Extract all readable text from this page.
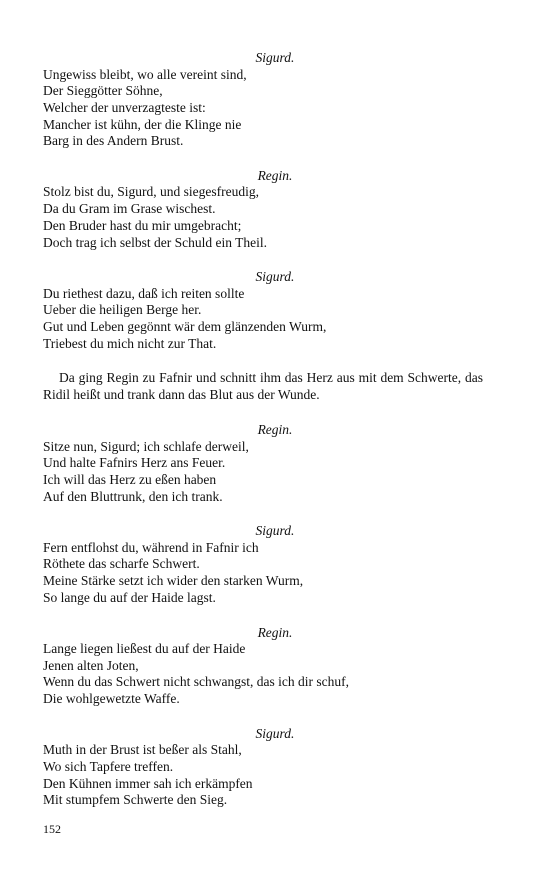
Sigurd.
Ungewiss bleibt, wo alle vereint sind,
Der Sieggötter Söhne,
Welcher der unverzagteste ist:
Mancher ist kühn, der die Klinge nie
Barg in des Andern Brust.
Regin.
Stolz bist du, Sigurd, und siegesfreudig,
Da du Gram im Grase wischest.
Den Bruder hast du mir umgebracht;
Doch trag ich selbst der Schuld ein Theil.
Sigurd.
Du riethest dazu, daß ich reiten sollte
Ueber die heiligen Berge her.
Gut und Leben gegönnt wär dem glänzenden Wurm,
Triebest du mich nicht zur That.
Da ging Regin zu Fafnir und schnitt ihm das Herz aus mit dem Schwerte, das Ridil heißt und trank dann das Blut aus der Wunde.
Regin.
Sitze nun, Sigurd; ich schlafe derweil,
Und halte Fafnirs Herz ans Feuer.
Ich will das Herz zu eßen haben
Auf den Bluttrunk, den ich trank.
Sigurd.
Fern entflohst du, während in Fafnir ich
Röthete das scharfe Schwert.
Meine Stärke setzt ich wider den starken Wurm,
So lange du auf der Haide lagst.
Regin.
Lange liegen ließest du auf der Haide
Jenen alten Joten,
Wenn du das Schwert nicht schwangst, das ich dir schuf,
Die wohlgewetzte Waffe.
Sigurd.
Muth in der Brust ist beßer als Stahl,
Wo sich Tapfere treffen.
Den Kühnen immer sah ich erkämpfen
Mit stumpfem Schwerte den Sieg.
152
